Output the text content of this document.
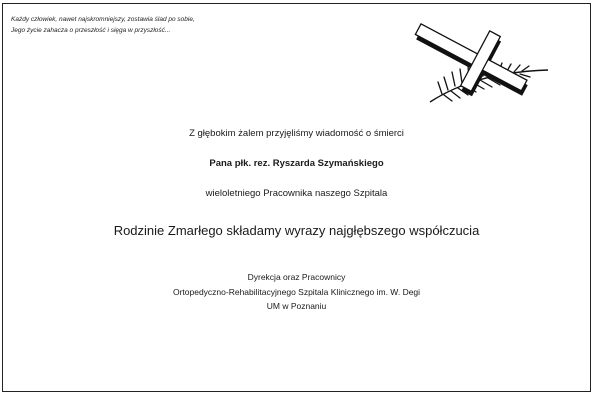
Każdy człowiek, nawet najskromniejszy, zostawia ślad po sobie,
Jego życie zahacza o przeszłość i sięga w przyszłość...
Z głębokim żalem przyjęliśmy wiadomość o śmierci
Pana płk. rez. Ryszarda Szymańskiego
wieloletniego Pracownika naszego Szpitala
Rodzinie Zmarłego składamy wyrazy najgłębszego współczucia
Dyrekcja oraz Pracownicy
Ortopedyczno-Rehabilitacyjnego Szpitala Klinicznego im. W. Degi
UM w Poznaniu
